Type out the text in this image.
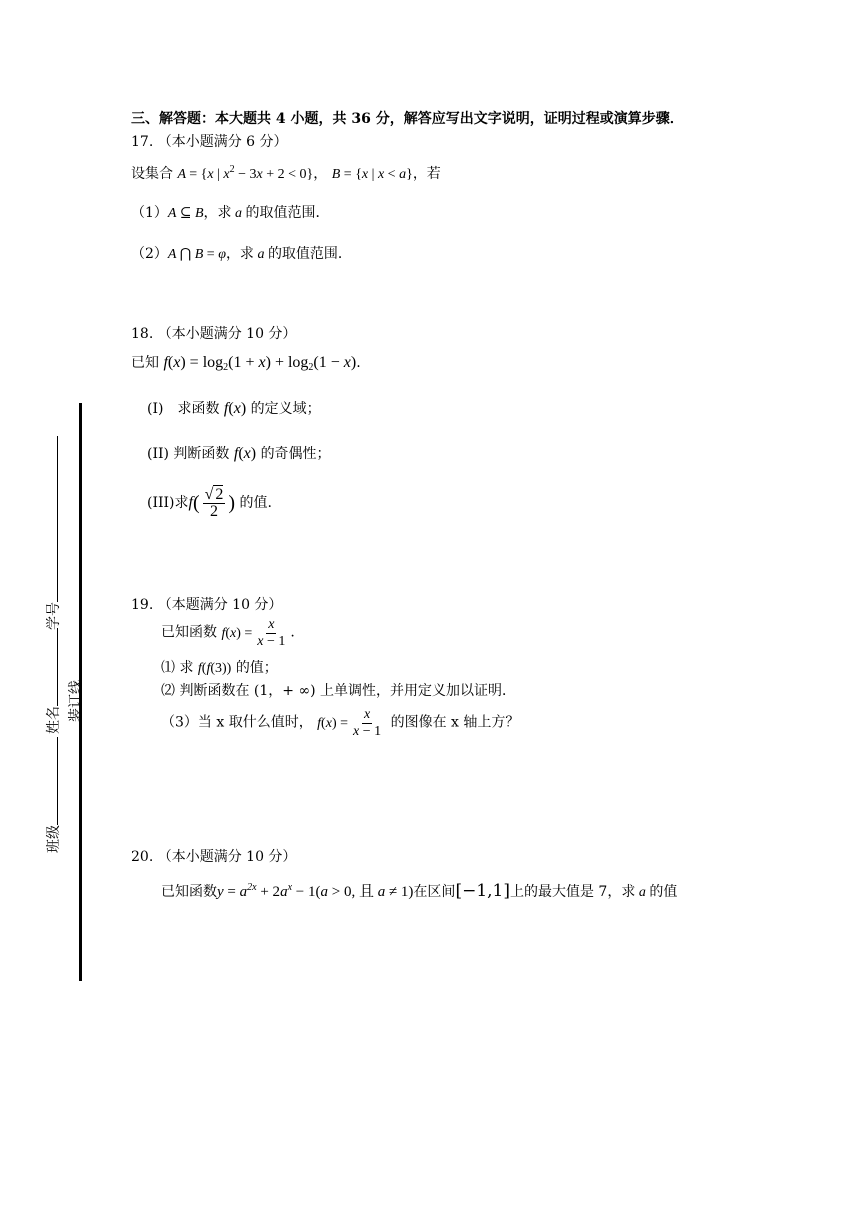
三、解答题：本大题共 4 小题，共 36 分，解答应写出文字说明，证明过程或演算步骤．
17. （本小题满分 6 分）
设集合 A = {x | $x^2 - 3x + 2 < 0$}， B = {x | x < a}，若
（1）A ⊆ B，求 a 的取值范围．
（2）A ⋂ B = φ，求 a 的取值范围．
18. （本小题满分 10 分）
已知 $f(x) = \log_2(1 + x) + \log_2(1 - x)$.
(I)　求函数 f(x) 的定义域；
(II) 判断函数 f(x) 的奇偶性；
(III)求$f( \frac{√ 2}{2}$ ) 的值.
19. （本题满分 10 分）
已知函数 $f(x) = \frac{x}{x - 1}$ .
⑴ 求 f(f(3)) 的值；
⑵ 判断函数在 (1，+ ∞) 上单调性，并用定义加以证明．
（3）当 x 取什么值时， $f(x) = \frac{x}{x - 1}$ 的图像在 x 轴上方？
20. （本小题满分 10 分）
已知函数$y = a^{2x} + 2a^x - 1(a > 0$, 且 a ≠ 1)在区间[−1,1]上的最大值是 7，求 a 的值
学号
姓名
班级
装订线
